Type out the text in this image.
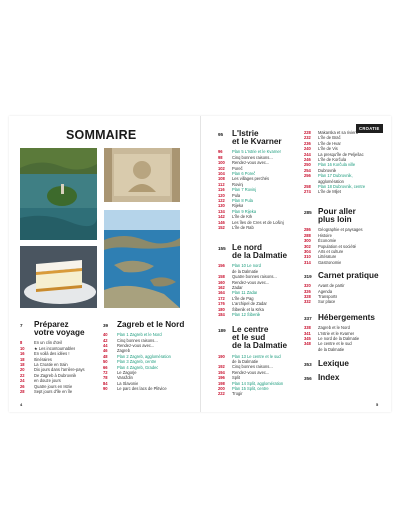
CROATIE
SOMMAIRE
7	Préparez
votre voyage
8	En un clin d'œil
10	★ Les incontournables
16	En voilà des idées !
18	Itinéraires
18	La Croatie en train
20	Dix jours dans l'arrière-pays
22	De Zagreb à Dubrovnik
24	en douze jours
26	Quatre jours en Istrie
28	Sept jours d'île en île
39	Zagreb et le Nord
40	Plan 1 Zagreb et le Nord
42	Cinq bonnes raisons...
44	Rendez-vous avec...
46	Zagreb
48	Plan 2 Zagreb, agglomération
50	Plan 3 Zagreb, centre
66	Plan 4 Zagreb, Gradec
72	Le Zagorje
78	Varaždin
84	La Slavonie
90	Le parc des lacs de Plitvice
95	L'Istrie
et le Kvarner
96	Plan 5 L'Istrie et le Kvarner
98	Cinq bonnes raisons...
100	Rendez-vous avec...
102	Poreč
104	Plan 6 Poreč
108	Les villages perchés
112	Rovinj
116	Plan 7 Rovinj
120	Pula
122	Plan 8 Pula
130	Rijeka
134	Plan 9 Rijeka
142	L'île de Krk
146	Les îles de Cres et de Lošinj
152	L'île de Rab
155 Le nord
de la Dalmatie
156	Plan 10 Le nord
de la Dalmatie
158	Quatre bonnes raisons...
160	Rendez-vous avec...
162	Zadar
164	Plan 11 Zadar
172	L'île de Pag
176	L'archipel de Zadar
180	Šibenik et la Krka
184	Plan 12 Šibenik
189 Le centre
et le sud
de la Dalmatie
190	Plan 13 Le centre et le sud
de la Dalmatie
192	Cinq bonnes raisons...
194	Rendez-vous avec...
196	Split
198	Plan 14 Split, agglomération
200	Plan 15 Split, centre
222	Trogir
228	Makarska et sa riviera
232	L'île de Brač
236	L'île de Hvar
240	L'île de Vis
244	La presqu'île de Pelješac
246	L'île de Korčula
250	Plan 16 Korčula ville
254	Dubrovnik
256	Plan 17 Dubrovnik,
agglomération
258	Plan 18 Dubrovnik, centre
274	L'île de Mljet
285 Pour aller
plus loin
286	Géographie et paysages
288	Histoire
300	Économie
302	Population et société
304	Arts et culture
310	Littérature
314	Gastronomie
319 Carnet pratique
320	Avant de partir
326	Agenda
328	Transports
332	Sur place
337 Hébergements
338	Zagreb et le Nord
341	L'Istrie et le Kvarner
345	Le nord de la Dalmatie
348	Le centre et le sud
de la Dalmatie
353 Lexique
356 Index
4	5
